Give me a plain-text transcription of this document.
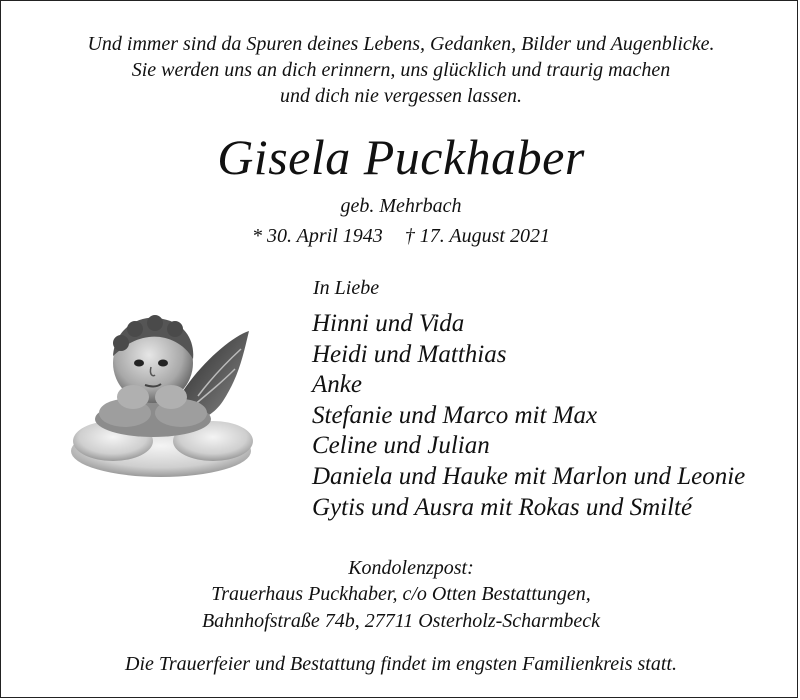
Und immer sind da Spuren deines Lebens, Gedanken, Bilder und Augenblicke.
Sie werden uns an dich erinnern, uns glücklich und traurig machen
und dich nie vergessen lassen.
Gisela Puckhaber
geb. Mehrbach
* 30. April 1943 † 17. August 2021
In Liebe
Hinni und Vida
Heidi und Matthias
Anke
Stefanie und Marco mit Max
Celine und Julian
Daniela und Hauke mit Marlon und Leonie
Gytis und Ausra mit Rokas und Smilté
Kondolenzpost:
Trauerhaus Puckhaber, c/o Otten Bestattungen,
Bahnhofstraße 74b, 27711 Osterholz-Scharmbeck
Die Trauerfeier und Bestattung findet im engsten Familienkreis statt.
